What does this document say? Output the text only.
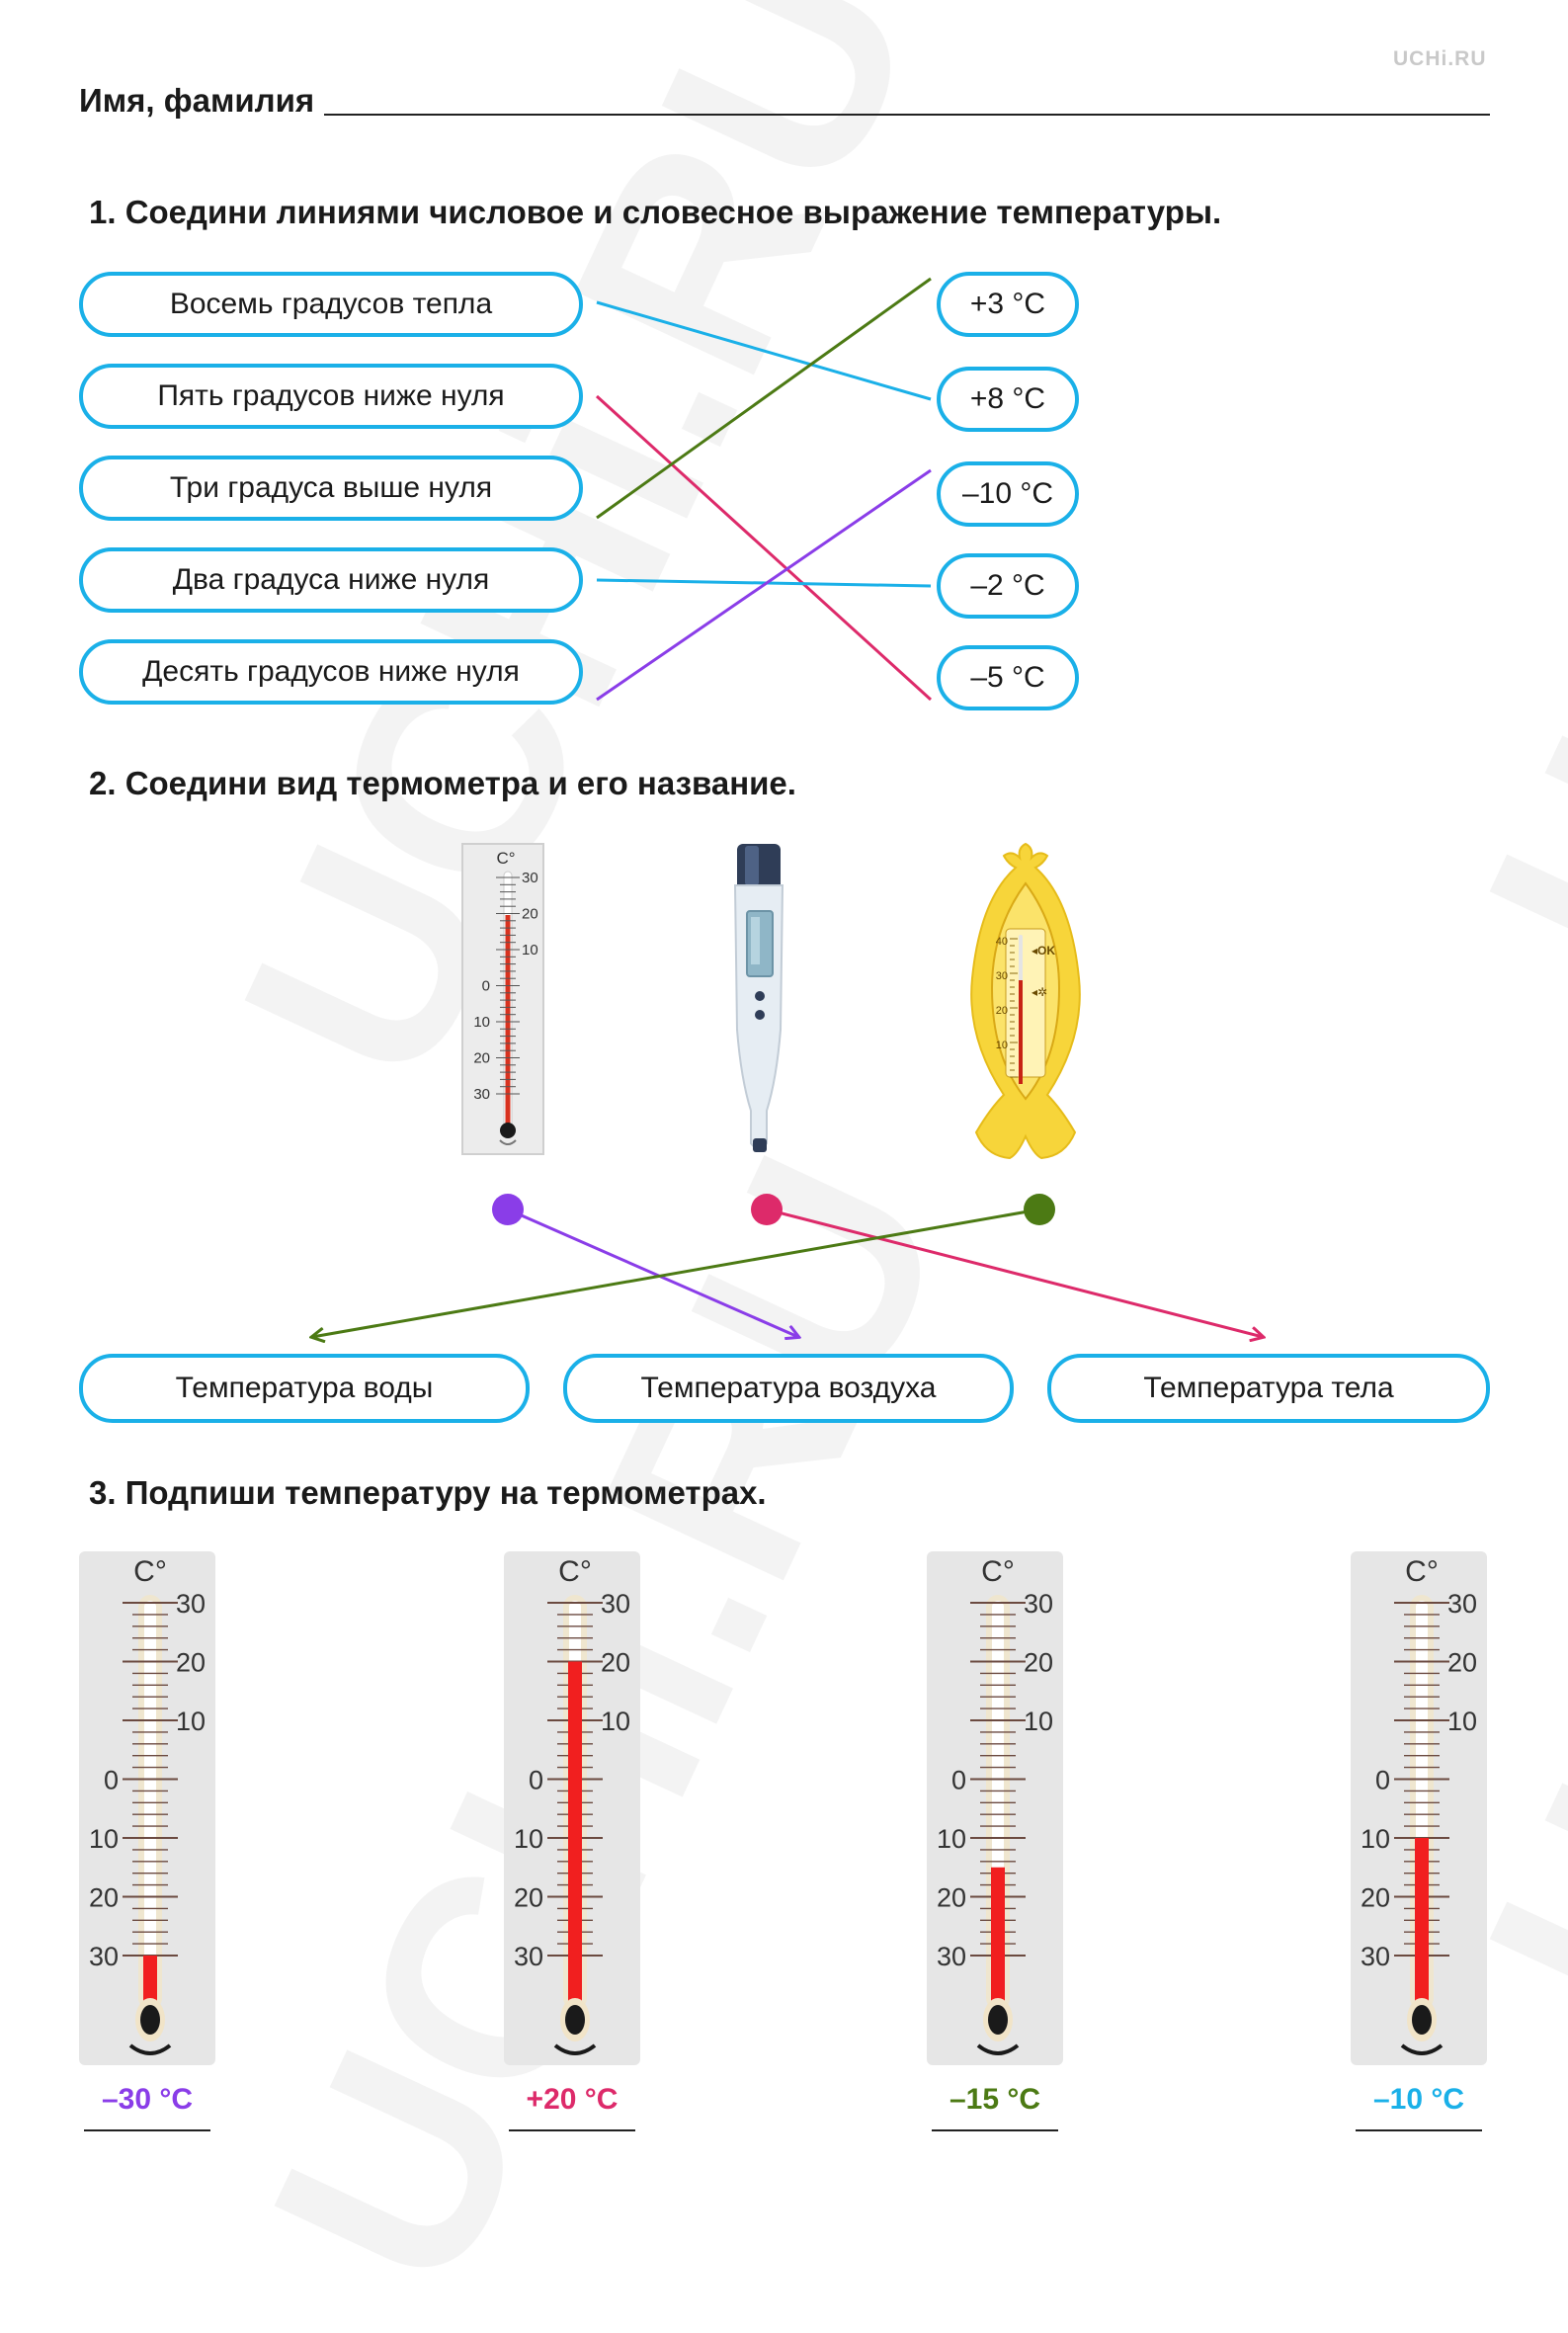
UCHi.RU
Имя, фамилия
1. Соедини линиями числовое и словесное выражение температуры.
Восемь градусов тепла
Пять градусов ниже нуля
Три градуса выше нуля
Два градуса ниже нуля
Десять градусов ниже нуля
+3 °C
+8 °C
–10 °C
–2 °C
–5 °C
2. Соедини вид термометра и его название.
C°
30
20
10
0
10
20
30
40
30
20
10
◂OK
◂✲
Температура воды	Температура воздуха	Температура тела
3. Подпиши температуру на термометрах.
C°
30
20
10
0
10
20
30
–30 °C
C°
30
20
10
0
10
20
30
+20 °C
C°
30
20
10
0
10
20
30
–15 °C
C°
30
20
10
0
10
20
30
–10 °C
